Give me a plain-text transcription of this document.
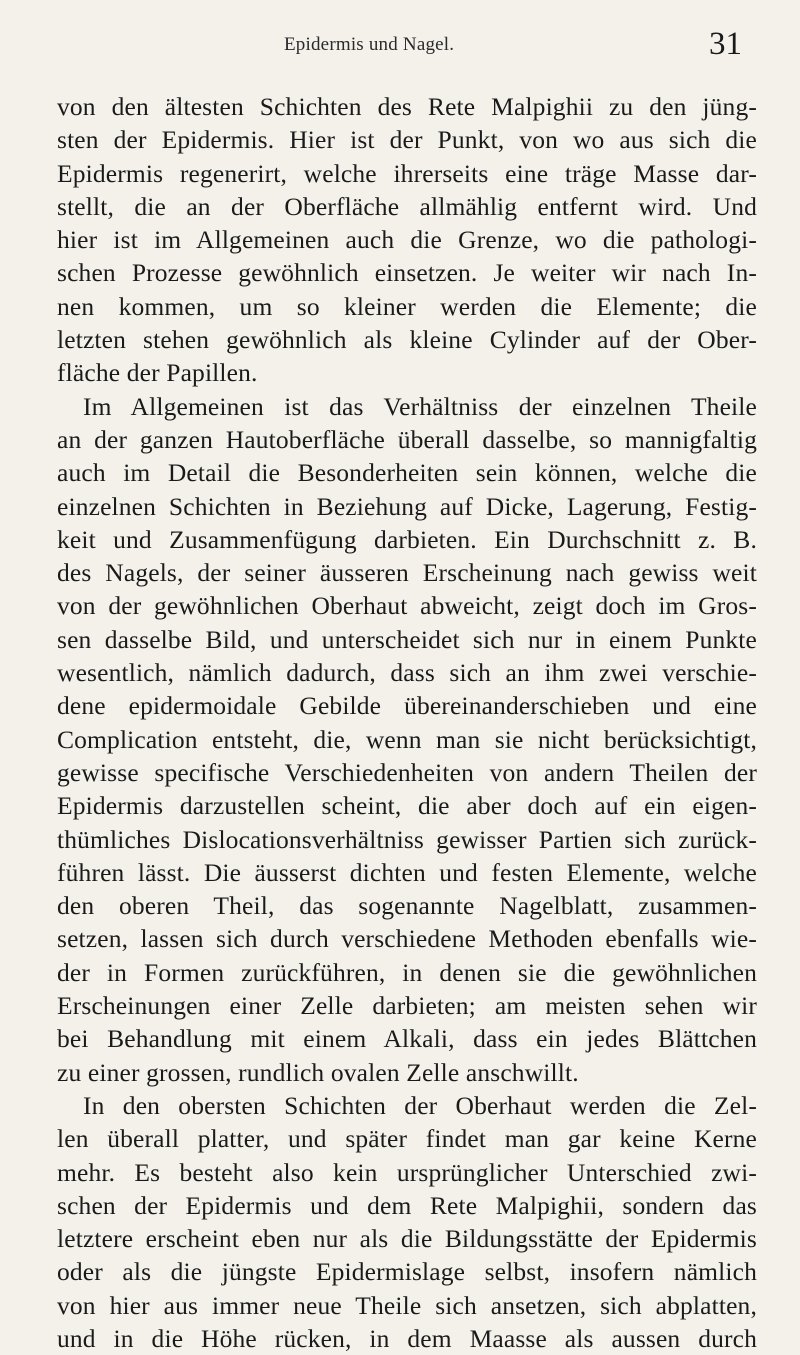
Epidermis und Nagel.	31
von den ältesten Schichten des Rete Malpighii zu den jüng-
sten der Epidermis. Hier ist der Punkt, von wo aus sich die
Epidermis regenerirt, welche ihrerseits eine träge Masse dar-
stellt, die an der Oberfläche allmählig entfernt wird. Und
hier ist im Allgemeinen auch die Grenze, wo die pathologi-
schen Prozesse gewöhnlich einsetzen. Je weiter wir nach In-
nen kommen, um so kleiner werden die Elemente; die
letzten stehen gewöhnlich als kleine Cylinder auf der Ober-
fläche der Papillen.
Im Allgemeinen ist das Verhältniss der einzelnen Theile
an der ganzen Hautoberfläche überall dasselbe, so mannigfaltig
auch im Detail die Besonderheiten sein können, welche die
einzelnen Schichten in Beziehung auf Dicke, Lagerung, Festig-
keit und Zusammenfügung darbieten. Ein Durchschnitt z. B.
des Nagels, der seiner äusseren Erscheinung nach gewiss weit
von der gewöhnlichen Oberhaut abweicht, zeigt doch im Gros-
sen dasselbe Bild, und unterscheidet sich nur in einem Punkte
wesentlich, nämlich dadurch, dass sich an ihm zwei verschie-
dene epidermoidale Gebilde übereinanderschieben und eine
Complication entsteht, die, wenn man sie nicht berücksichtigt,
gewisse specifische Verschiedenheiten von andern Theilen der
Epidermis darzustellen scheint, die aber doch auf ein eigen-
thümliches Dislocationsverhältniss gewisser Partien sich zurück-
führen lässt. Die äusserst dichten und festen Elemente, welche
den oberen Theil, das sogenannte Nagelblatt, zusammen-
setzen, lassen sich durch verschiedene Methoden ebenfalls wie-
der in Formen zurückführen, in denen sie die gewöhnlichen
Erscheinungen einer Zelle darbieten; am meisten sehen wir
bei Behandlung mit einem Alkali, dass ein jedes Blättchen
zu einer grossen, rundlich ovalen Zelle anschwillt.
In den obersten Schichten der Oberhaut werden die Zel-
len überall platter, und später findet man gar keine Kerne
mehr. Es besteht also kein ursprünglicher Unterschied zwi-
schen der Epidermis und dem Rete Malpighii, sondern das
letztere erscheint eben nur als die Bildungsstätte der Epidermis
oder als die jüngste Epidermislage selbst, insofern nämlich
von hier aus immer neue Theile sich ansetzen, sich abplatten,
und in die Höhe rücken, in dem Maasse als aussen durch
